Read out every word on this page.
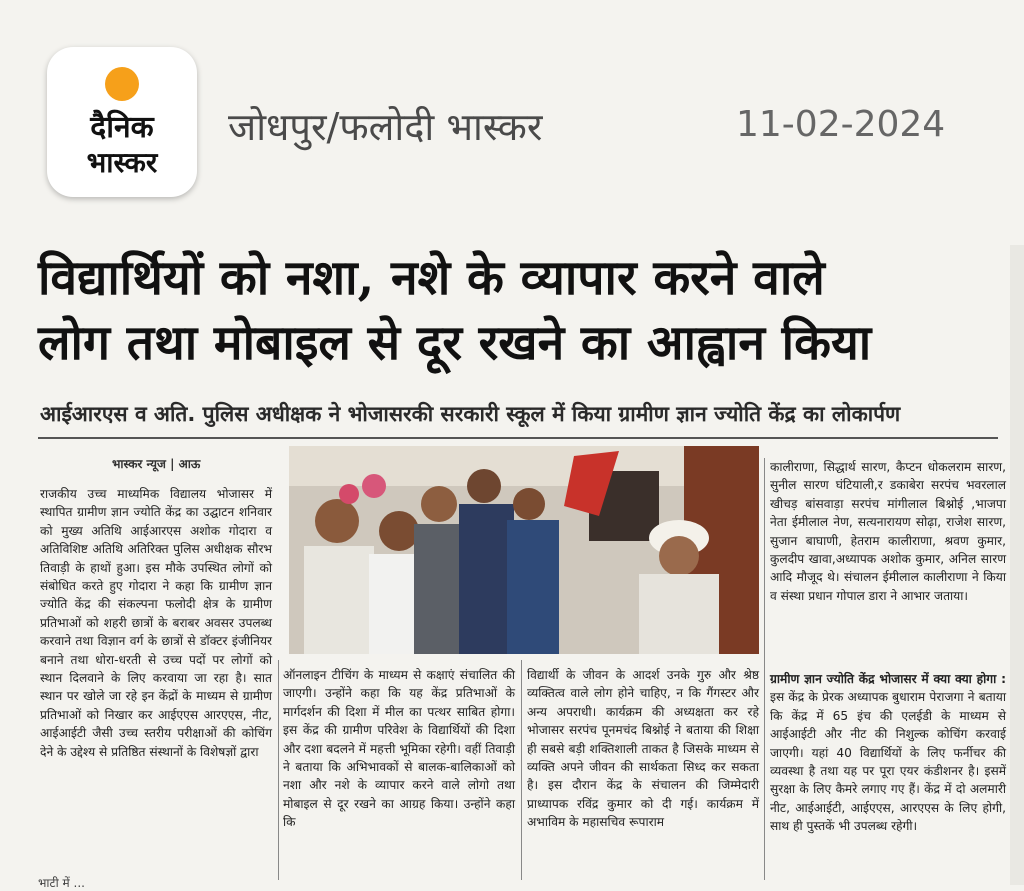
दैनिक
भास्कर
जोधपुर/फलोदी भास्कर	11-02-2024
विद्यार्थियों को नशा, नशे के व्यापार करने वाले
लोग तथा मोबाइल से दूर रखने का आह्वान किया
आईआरएस व अति. पुलिस अधीक्षक ने भोजासरकी सरकारी स्कूल में किया ग्रामीण ज्ञान ज्योति केंद्र का लोकार्पण
भास्कर न्यूज | आऊ
राजकीय उच्च माध्यमिक विद्यालय भोजासर में स्थापित ग्रामीण ज्ञान ज्योति केंद्र का उद्घाटन शनिवार को मुख्य अतिथि आईआरएस अशोक गोदारा व अतिविशिष्ट अतिथि अतिरिक्त पुलिस अधीक्षक सौरभ तिवाड़ी के हाथों हुआ। इस मौके उपस्थित लोगों को संबोधित करते हुए गोदारा ने कहा कि ग्रामीण ज्ञान ज्योति केंद्र की संकल्पना फलोदी क्षेत्र के ग्रामीण प्रतिभाओं को शहरी छात्रों के बराबर अवसर उपलब्ध करवाने तथा विज्ञान वर्ग के छात्रों से डॉक्टर इंजीनियर बनाने तथा धोरा-धरती से उच्च पदों पर लोगों को स्थान दिलवाने के लिए करवाया जा रहा है। सात स्थान पर खोले जा रहे इन केंद्रों के माध्यम से ग्रामीण प्रतिभाओं को निखार कर आईएएस आरएएस, नीट, आईआईटी जैसी उच्च स्तरीय परीक्षाओं की कोचिंग देने के उद्देश्य से प्रतिष्ठित संस्थानों के विशेषज्ञों द्वारा
ऑनलाइन टीचिंग के माध्यम से कक्षाएं संचालित की जाएगी। उन्होंने कहा कि यह केंद्र प्रतिभाओं के मार्गदर्शन की दिशा में मील का पत्थर साबित होगा। इस केंद्र की ग्रामीण परिवेश के विद्यार्थियों की दिशा और दशा बदलने में महत्ती भूमिका रहेगी। वहीं तिवाड़ी ने बताया कि अभिभावकों से बालक-बालिकाओं को नशा और नशे के व्यापार करने वाले लोगो तथा मोबाइल से दूर रखने का आग्रह किया। उन्होंने कहा कि
विद्यार्थी के जीवन के आदर्श उनके गुरु और श्रेष्ठ व्यक्तित्व वाले लोग होने चाहिए, न कि गैंगस्टर और अन्य अपराधी। कार्यक्रम की अध्यक्षता कर रहे भोजासर सरपंच पूनमचंद बिश्नोई ने बताया की शिक्षा ही सबसे बड़ी शक्तिशाली ताकत है जिसके माध्यम से व्यक्ति अपने जीवन की सार्थकता सिध्द कर सकता है। इस दौरान केंद्र के संचालन की जिम्मेदारी प्राध्यापक रविंद्र कुमार को दी गई। कार्यक्रम में अभाविम के महासचिव रूपाराम
कालीराणा, सिद्धार्थ सारण, कैप्टन धोकलराम सारण, सुनील सारण घंटियाली,र डकाबेरा सरपंच भवरलाल खीचड़ बांसवाड़ा सरपंच मांगीलाल बिश्नोई ,भाजपा नेता ईमीलाल नेण, सत्यनारायण सोढ़ा, राजेश सारण, सुजान बाघाणी, हेतराम कालीराणा, श्रवण कुमार, कुलदीप खावा,अध्यापक अशोक कुमार, अनिल सारण आदि मौजूद थे। संचालन ईमीलाल कालीराणा ने किया व संस्था प्रधान गोपाल डारा ने आभार जताया।
ग्रामीण ज्ञान ज्योति केंद्र भोजासर में क्या क्या होगा : इस केंद्र के प्रेरक अध्यापक बुधाराम पेराजगा ने बताया कि केंद्र में 65 इंच की एलईडी के माध्यम से आईआईटी और नीट की निशुल्क कोचिंग करवाई जाएगी। यहां 40 विद्यार्थियों के लिए फर्नीचर की व्यवस्था है तथा यह पर पूरा एयर कंडीशनर है। इसमें सुरक्षा के लिए कैमरे लगाए गए हैं। केंद्र में दो अलमारी नीट, आईआईटी, आईएएस, आरएएस के लिए होगी, साथ ही पुस्तकें भी उपलब्ध रहेगी।
भाटी में ...
